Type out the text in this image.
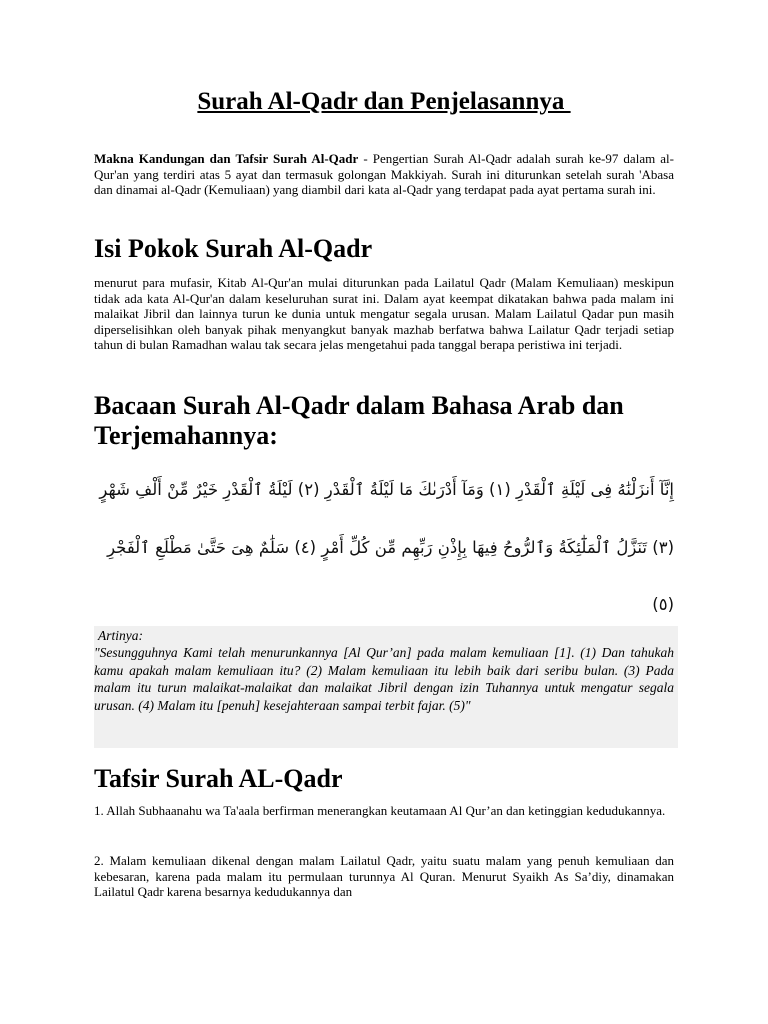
Surah Al-Qadr dan Penjelasannya

Makna Kandungan dan Tafsir Surah Al-Qadr - Pengertian Surah Al-Qadr adalah surah ke-97 dalam al-Qur'an yang terdiri atas 5 ayat dan termasuk golongan Makkiyah. Surah ini diturunkan setelah surah 'Abasa dan dinamai al-Qadr (Kemuliaan) yang diambil dari kata al-Qadr yang terdapat pada ayat pertama surah ini.

Isi Pokok Surah Al-Qadr

menurut para mufasir, Kitab Al-Qur'an mulai diturunkan pada Lailatul Qadr (Malam Kemuliaan) meskipun tidak ada kata Al-Qur'an dalam keseluruhan surat ini. Dalam ayat keempat dikatakan bahwa pada malam ini malaikat Jibril dan lainnya turun ke dunia untuk mengatur segala urusan. Malam Lailatul Qadar pun masih diperselisihkan oleh banyak pihak menyangkut banyak mazhab berfatwa bahwa Lailatur Qadr terjadi setiap tahun di bulan Ramadhan walau tak secara jelas mengetahui pada tanggal berapa peristiwa ini terjadi.

Bacaan Surah Al-Qadr dalam Bahasa Arab dan Terjemahannya:
إِنَّآ أَنزَلْنَٰهُ فِى لَيْلَةِ ٱلْقَدْرِ (١) وَمَآ أَدْرَىٰكَ مَا لَيْلَةُ ٱلْقَدْرِ (٢) لَيْلَةُ ٱلْقَدْرِ خَيْرٌ مِّنْ أَلْفِ شَهْرٍ
(٣) تَنَزَّلُ ٱلْمَلَٰٓئِكَةُ وَٱلرُّوحُ فِيهَا بِإِذْنِ رَبِّهِم مِّن كُلِّ أَمْرٍ (٤) سَلَٰمٌ هِىَ حَتَّىٰ مَطْلَعِ ٱلْفَجْرِ
(٥)
Artinya:

"Sesungguhnya Kami telah menurunkannya [Al Qur’an] pada malam kemuliaan [1]. (1) Dan tahukah kamu apakah malam kemuliaan itu? (2) Malam kemuliaan itu lebih baik dari seribu bulan. (3) Pada malam itu turun malaikat-malaikat dan malaikat Jibril dengan izin Tuhannya untuk mengatur segala urusan. (4) Malam itu [penuh] kesejahteraan sampai terbit fajar. (5)"

Tafsir Surah AL-Qadr

1. Allah Subhaanahu wa Ta'aala berfirman menerangkan keutamaan Al Qur’an dan ketinggian kedudukannya.

2. Malam kemuliaan dikenal dengan malam Lailatul Qadr, yaitu suatu malam yang penuh kemuliaan dan kebesaran, karena pada malam itu permulaan turunnya Al Quran. Menurut Syaikh As Sa’diy, dinamakan Lailatul Qadr karena besarnya kedudukannya dan
